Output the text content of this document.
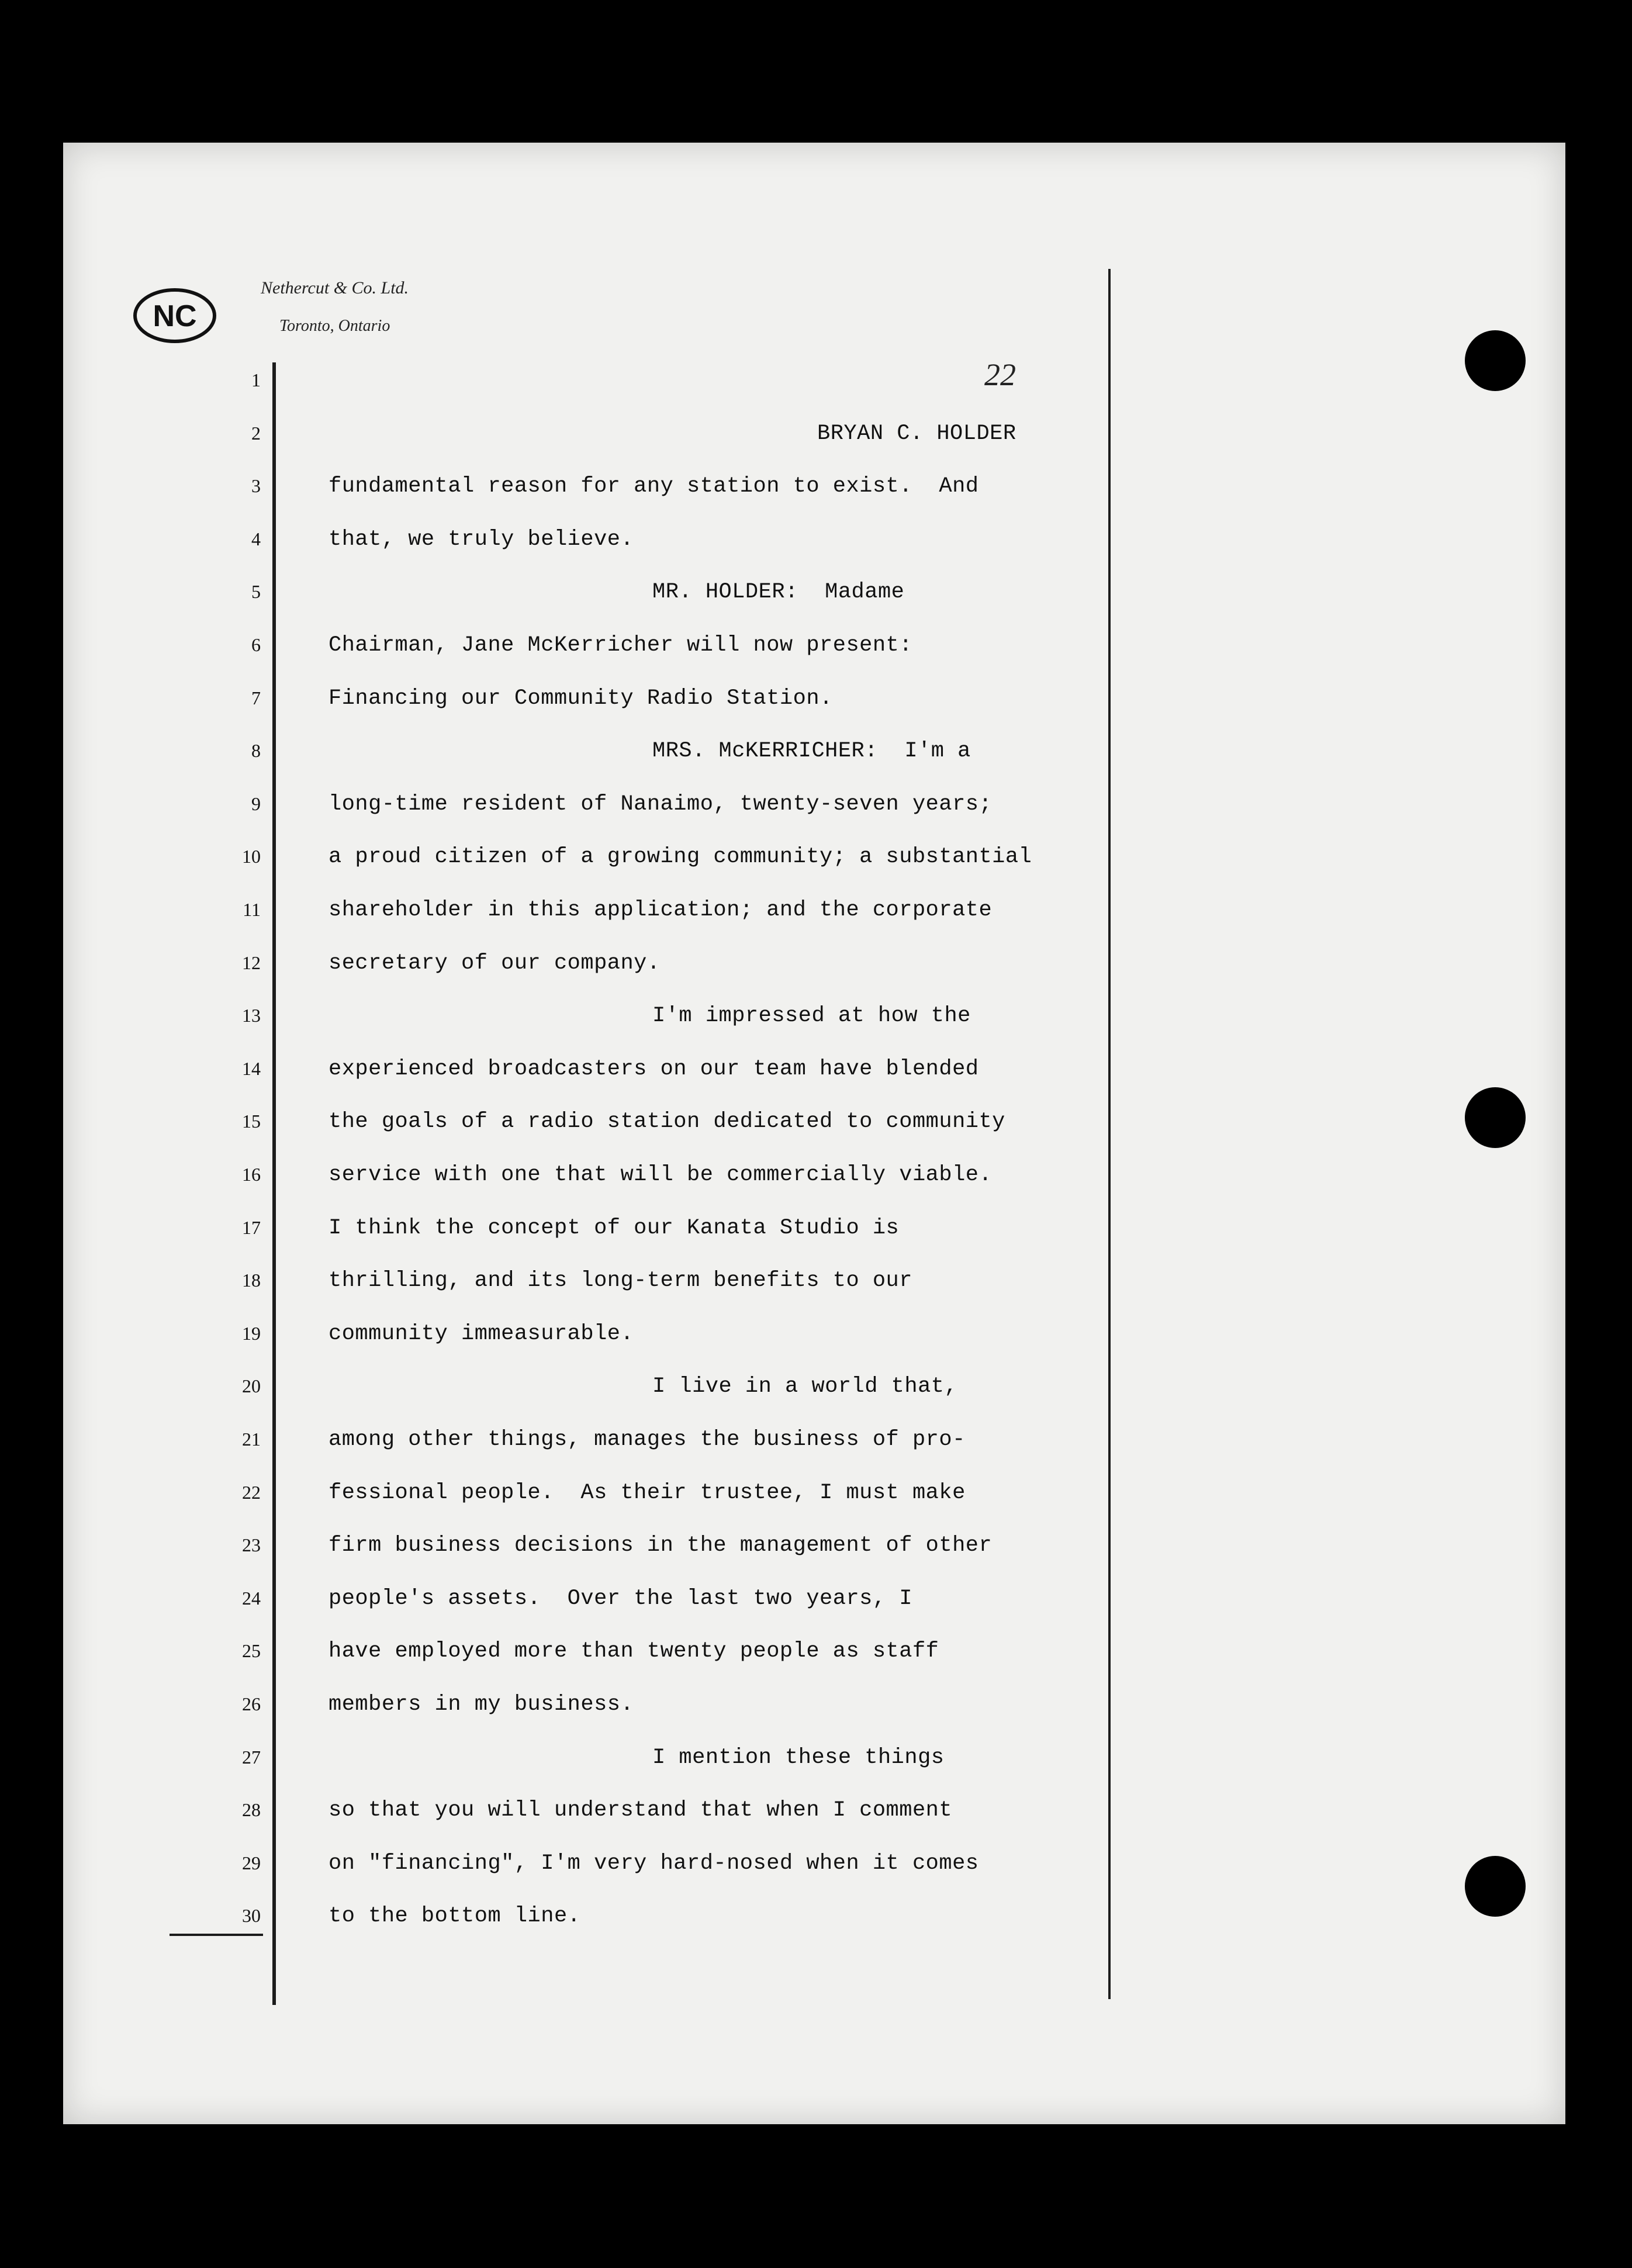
NC
Nethercut & Co. Ltd.
Toronto, Ontario
22
1
2	BRYAN C. HOLDER
3	fundamental reason for any station to exist.  And
4	that, we truly believe.
5	MR. HOLDER:  Madame
6	Chairman, Jane McKerricher will now present:
7	Financing our Community Radio Station.
8	MRS. McKERRICHER:  I'm a
9	long-time resident of Nanaimo, twenty-seven years;
10	a proud citizen of a growing community; a substantial
11	shareholder in this application; and the corporate
12	secretary of our company.
13	I'm impressed at how the
14	experienced broadcasters on our team have blended
15	the goals of a radio station dedicated to community
16	service with one that will be commercially viable.
17	I think the concept of our Kanata Studio is
18	thrilling, and its long-term benefits to our
19	community immeasurable.
20	I live in a world that,
21	among other things, manages the business of pro-
22	fessional people.  As their trustee, I must make
23	firm business decisions in the management of other
24	people's assets.  Over the last two years, I
25	have employed more than twenty people as staff
26	members in my business.
27	I mention these things
28	so that you will understand that when I comment
29	on "financing", I'm very hard-nosed when it comes
30	to the bottom line.
